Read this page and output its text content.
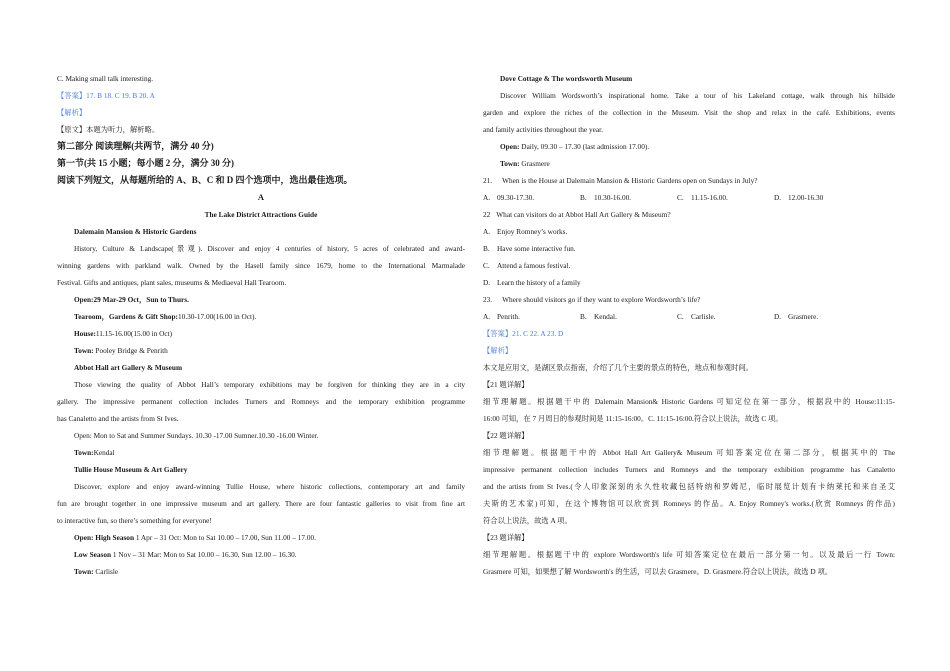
C. Making small talk interesting.
【答案】17. B 18. C 19. B 20. A
【解析】
【原文】本题为听力，解析略。
第二部分 阅读理解(共两节，满分 40 分)
第一节(共 15 小题；每小题 2 分，满分 30 分)
阅读下列短文，从每题所给的 A、B、C 和 D 四个选项中，选出最佳选项。
A
The Lake District Attractions Guide
Dalemain Mansion & Historic Gardens
History, Culture & Landscape(景观). Discover and enjoy 4 centuries of history, 5 acres of celebrated and award-
winning gardens with parkland walk. Owned by the Hasell family since 1679, home to the International Marmalade
Festival. Gifts and antiques, plant sales, museums & Mediaeval Hall Tearoom.
Open:29 Mar-29 Oct，Sun to Thurs.
Tearoom，Gardens & Gift Shop:10.30-17.00(16.00 in Oct).
House:11.15-16.00(15.00 in Oct)
Town: Pooley Bridge & Penrith
Abbot Hall art Gallery & Museum
Those viewing the quality of Abbot Hall’s temporary exhibitions may be forgiven for thinking they are in a city
gallery. The impressive permanent collection includes Turners and Romneys and the temporary exhibition programme
has Canaletto and the artists from St Ives.
Open: Mon to Sat and Summer Sundays. 10.30 -17.00 Sumner.10.30 -16.00 Winter.
Town:Kendal
Tullie House Museum & Art Gallery
Discover, explore and enjoy award-winning Tullie House, where historic collections, contemporary art and family
fun are brought together in one impressive museum and art gallery. There are four fantastic galleries to visit from fine art
to interactive fun, so there’s something for everyone!
Open: High Season 1 Apr – 31 Oct: Mon to Sat 10.00 – 17.00, Sun 11.00 – 17.00.
Low Season 1 Nov – 31 Mar: Mon to Sat 10.00 – 16.30, Sun 12.00 – 16.30.
Town: Carlisle
Dove Cottage & The wordsworth Museum
Discover William Wordsworth’s inspirational home. Take a tour of his Lakeland cottage, walk through his hillside
garden and explore the riches of the collection in the Museum. Visit the shop and relax in the café. Exhibitions, events
and family activities throughout the year.
Open: Daily, 09.30 – 17.30 (last admission 17.00).
Town: Grasmere
21. When is the House at Dalemain Mansion & Historic Gardens open on Sundays in July?
A. 09.30-17.30.	B. 10.30-16.00.	C. 11.15-16.00.	D. 12.00-16.30
22 What can visitors do at Abbot Hall Art Gallery & Museum?
A. Enjoy Romney’s works.
B. Have some interactive fun.
C. Attend a famous festival.
D. Learn the history of a family
23. Where should visitors go if they want to explore Wordsworth’s life?
A. Penrith.	B. Kendal.	C. Carlisle.	D. Grasmere.
【答案】21. C 22. A 23. D
【解析】
本文是应用文，是湖区景点指南，介绍了几个主要的景点的特色，地点和参观时间。
【21 题详解】
细节理解题。根据题干中的 Dalemain Mansion& Historic Gardens 可知定位在第一部分，根据段中的 House:11:15-
16:00 可知，在 7 月周日的参观时间是 11:15-16:00。C. 11:15-16:00.符合以上说法，故选 C 项。
【22 题详解】
细节理解题。根据题干中的 Abbot Hall Art Gallery& Museum 可知答案定位在第二部分，根据其中的 The
impressive permanent collection includes Turners and Romneys and the temporary exhibition programme has Canaletto
and the artists from St Ives.(令人印象深刻的永久性收藏包括特纳和罗姆尼，临时展览计划有卡纳莱托和来自圣艾
夫斯的艺术家)可知，在这个博物馆可以欣赏到 Romneys 的作品。A. Enjoy Romney's works.(欣赏 Romneys 的作品)
符合以上说法，故选 A 项。
【23 题详解】
细节理解题。根据题干中的 explore Wordsworth's life 可知答案定位在最后一部分第一句。以及最后一行 Town:
Grasmere 可知，如果想了解 Wordsworth's 的生活，可以去 Grasmere。D. Grasmere.符合以上说法，故选 D 项。
